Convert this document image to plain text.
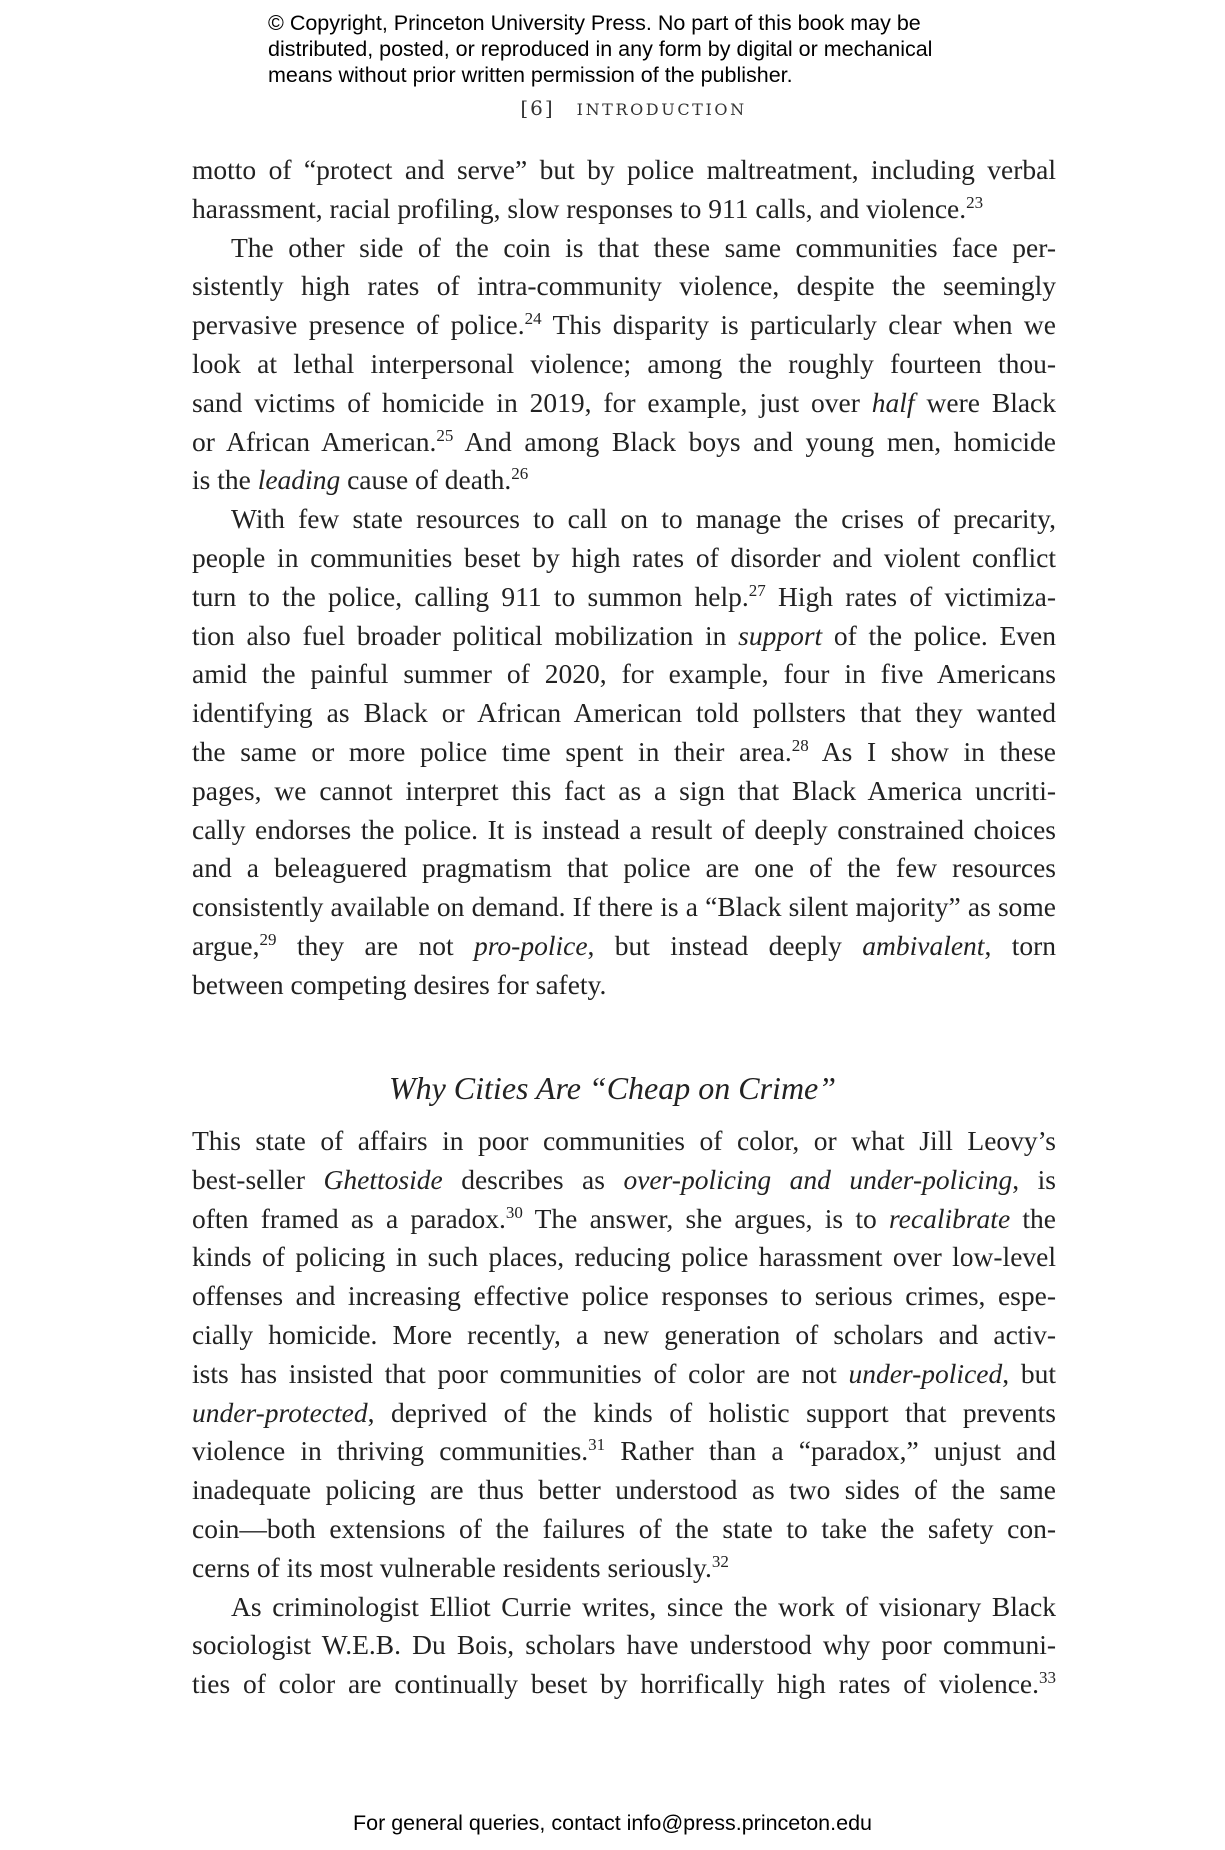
© Copyright, Princeton University Press. No part of this book may be
distributed, posted, or reproduced in any form by digital or mechanical
means without prior written permission of the publisher.
[6] INTRODUCTION
motto of “protect and serve” but by police maltreatment, including verbal
harassment, racial profiling, slow responses to 911 calls, and violence.$^{23}$
The other side of the coin is that these same communities face per-
sistently high rates of intra-community violence, despite the seemingly
pervasive presence of police.$^{24}$ This disparity is particularly clear when we
look at lethal interpersonal violence; among the roughly fourteen thou-
sand victims of homicide in 2019, for example, just over half were Black
or African American.$^{25}$ And among Black boys and young men, homicide
is the leading cause of death.$^{26}$
With few state resources to call on to manage the crises of precarity,
people in communities beset by high rates of disorder and violent conflict
turn to the police, calling 911 to summon help.$^{27}$ High rates of victimiza-
tion also fuel broader political mobilization in support of the police. Even
amid the painful summer of 2020, for example, four in five Americans
identifying as Black or African American told pollsters that they wanted
the same or more police time spent in their area.$^{28}$ As I show in these
pages, we cannot interpret this fact as a sign that Black America uncriti-
cally endorses the police. It is instead a result of deeply constrained choices
and a beleaguered pragmatism that police are one of the few resources
consistently available on demand. If there is a “Black silent majority” as some
argue,$^{29}$ they are not pro-police, but instead deeply ambivalent, torn
between competing desires for safety.
Why Cities Are “Cheap on Crime”
This state of affairs in poor communities of color, or what Jill Leovy’s
best-seller Ghettoside describes as over-policing and under-policing, is
often framed as a paradox.$^{30}$ The answer, she argues, is to recalibrate the
kinds of policing in such places, reducing police harassment over low-level
offenses and increasing effective police responses to serious crimes, espe-
cially homicide. More recently, a new generation of scholars and activ-
ists has insisted that poor communities of color are not under-policed, but
under-protected, deprived of the kinds of holistic support that prevents
violence in thriving communities.$^{31}$ Rather than a “paradox,” unjust and
inadequate policing are thus better understood as two sides of the same
coin—both extensions of the failures of the state to take the safety con-
cerns of its most vulnerable residents seriously.$^{32}$
As criminologist Elliot Currie writes, since the work of visionary Black
sociologist W.E.B. Du Bois, scholars have understood why poor communi-
ties of color are continually beset by horrifically high rates of violence.$^{33}$
For general queries, contact info@press.princeton.edu
